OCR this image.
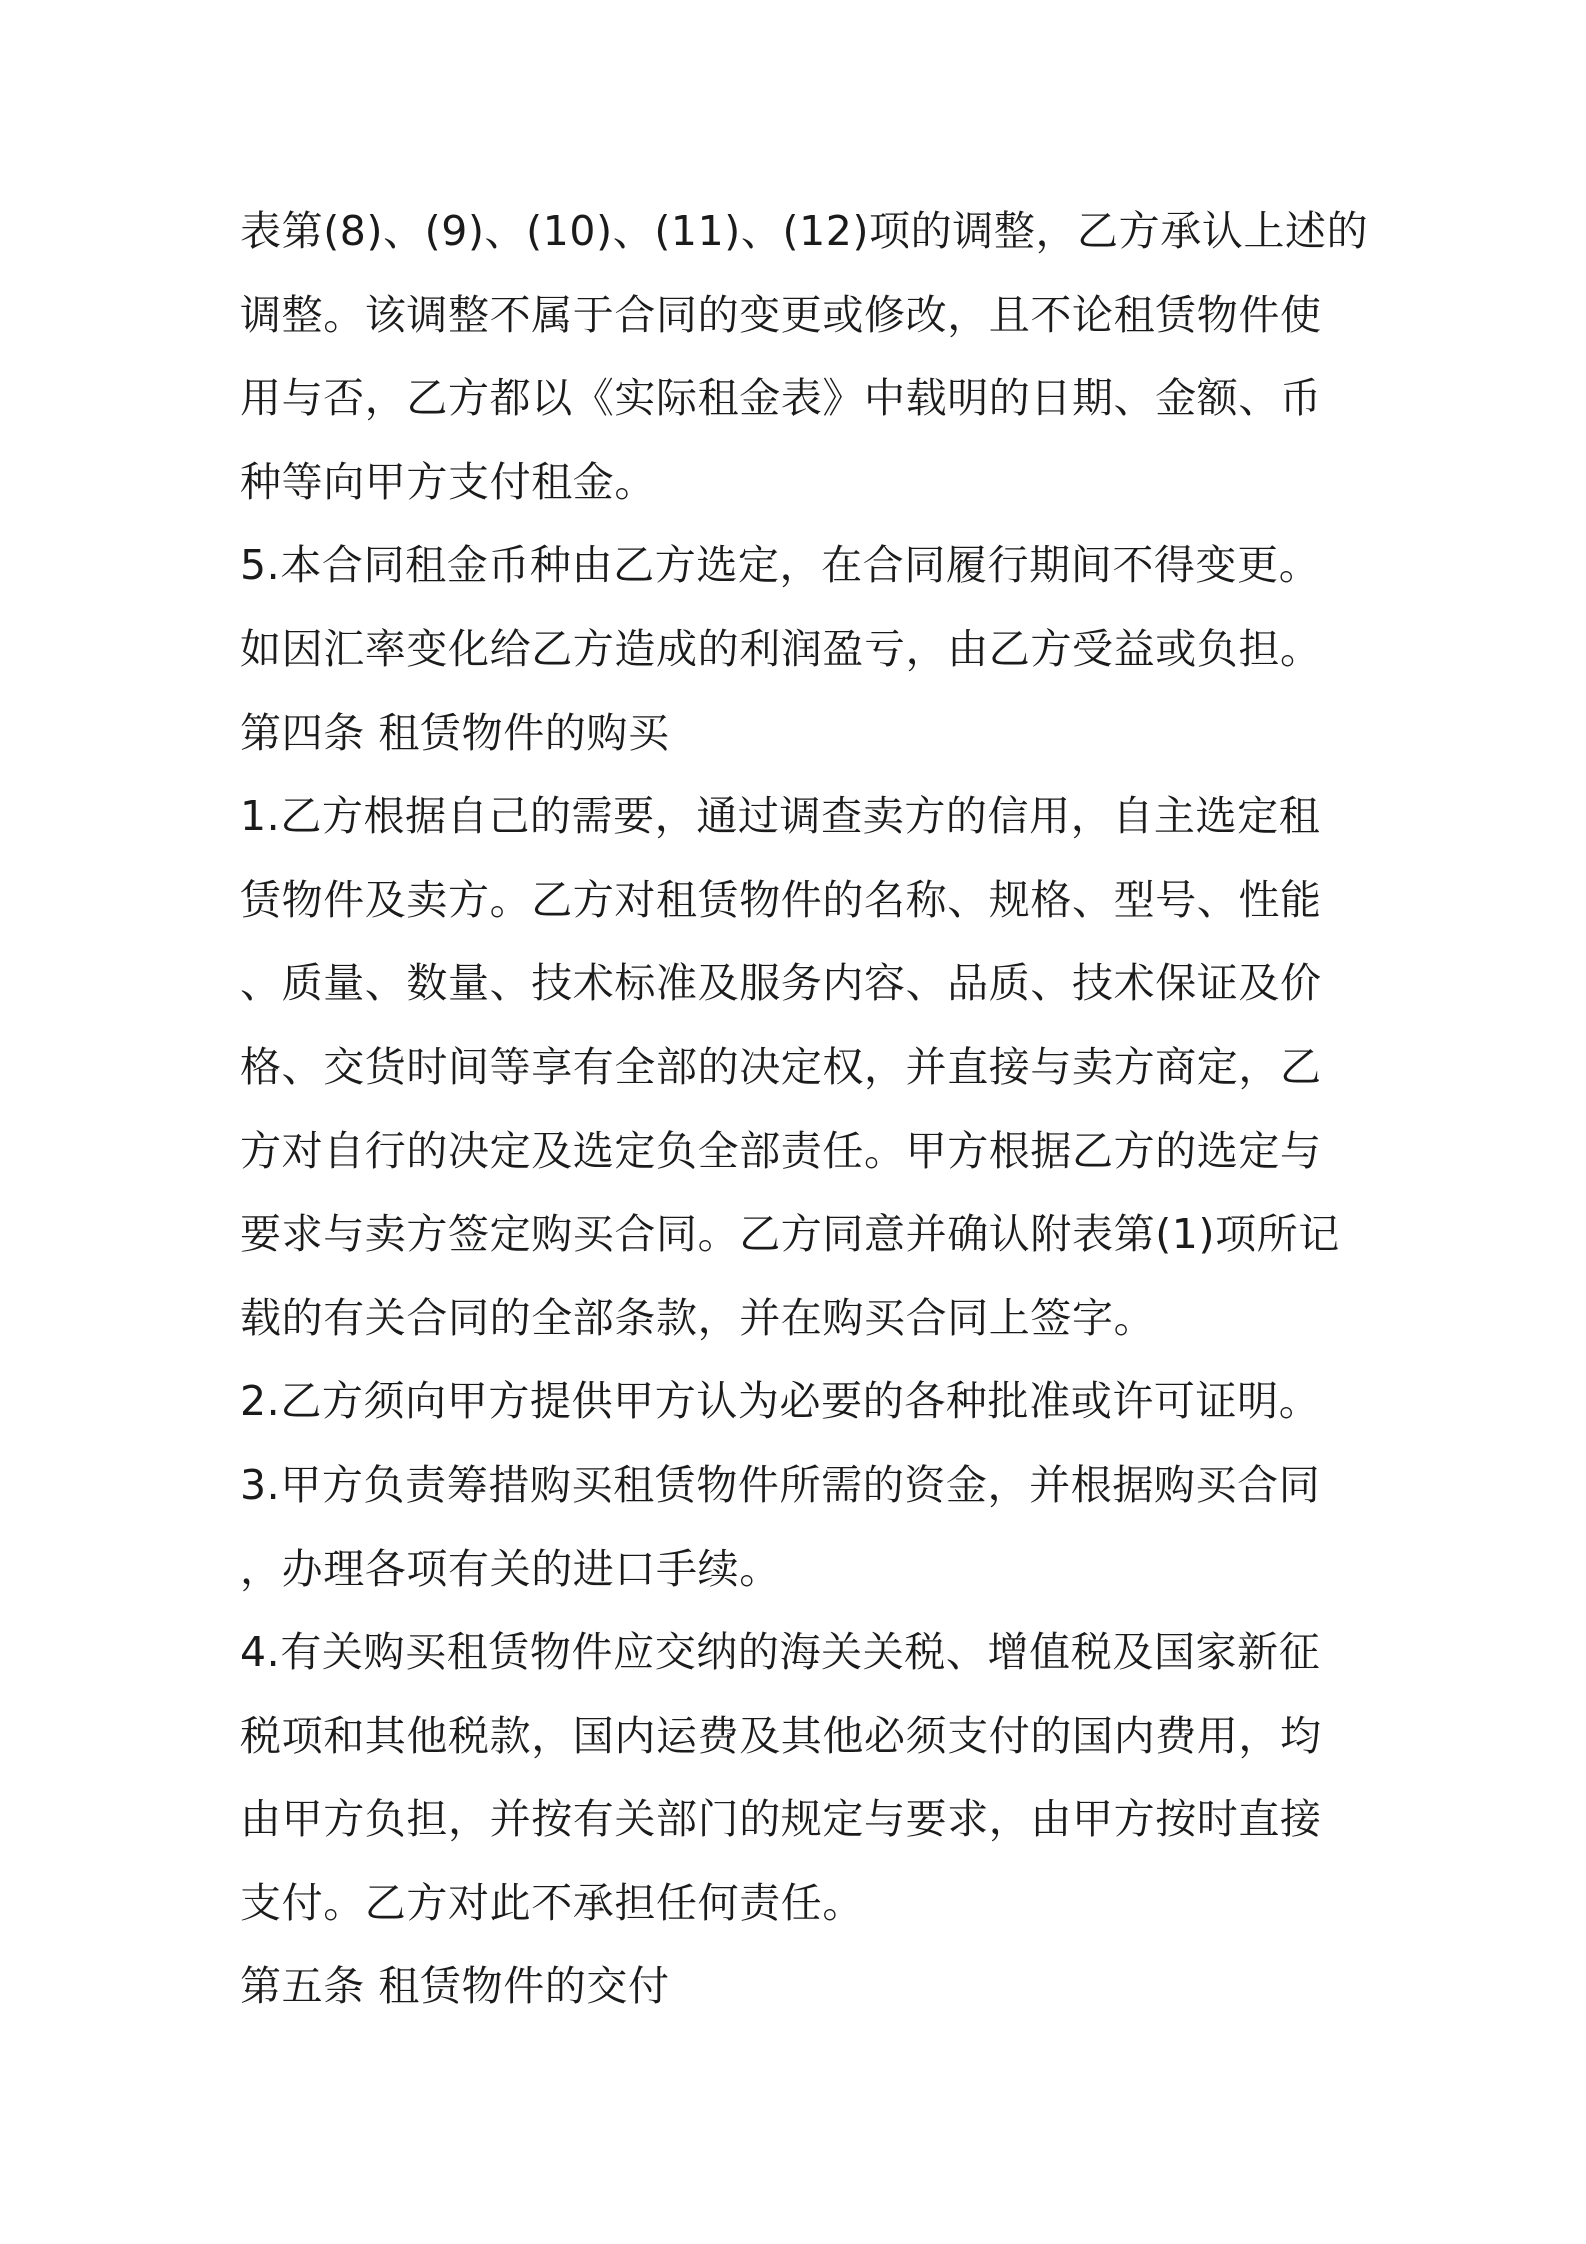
表第(8)、(9)、(10)、(11)、(12)项的调整，乙方承认上述的
调整。该调整不属于合同的变更或修改，且不论租赁物件使
用与否，乙方都以《实际租金表》中载明的日期、金额、币
种等向甲方支付租金。
5.本合同租金币种由乙方选定，在合同履行期间不得变更。
如因汇率变化给乙方造成的利润盈亏，由乙方受益或负担。
第四条 租赁物件的购买
1.乙方根据自己的需要，通过调查卖方的信用，自主选定租
赁物件及卖方。乙方对租赁物件的名称、规格、型号、性能
、质量、数量、技术标准及服务内容、品质、技术保证及价
格、交货时间等享有全部的决定权，并直接与卖方商定，乙
方对自行的决定及选定负全部责任。甲方根据乙方的选定与
要求与卖方签定购买合同。乙方同意并确认附表第(1)项所记
载的有关合同的全部条款，并在购买合同上签字。
2.乙方须向甲方提供甲方认为必要的各种批准或许可证明。
3.甲方负责筹措购买租赁物件所需的资金，并根据购买合同
，办理各项有关的进口手续。
4.有关购买租赁物件应交纳的海关关税、增值税及国家新征
税项和其他税款，国内运费及其他必须支付的国内费用，均
由甲方负担，并按有关部门的规定与要求，由甲方按时直接
支付。乙方对此不承担任何责任。
第五条 租赁物件的交付
